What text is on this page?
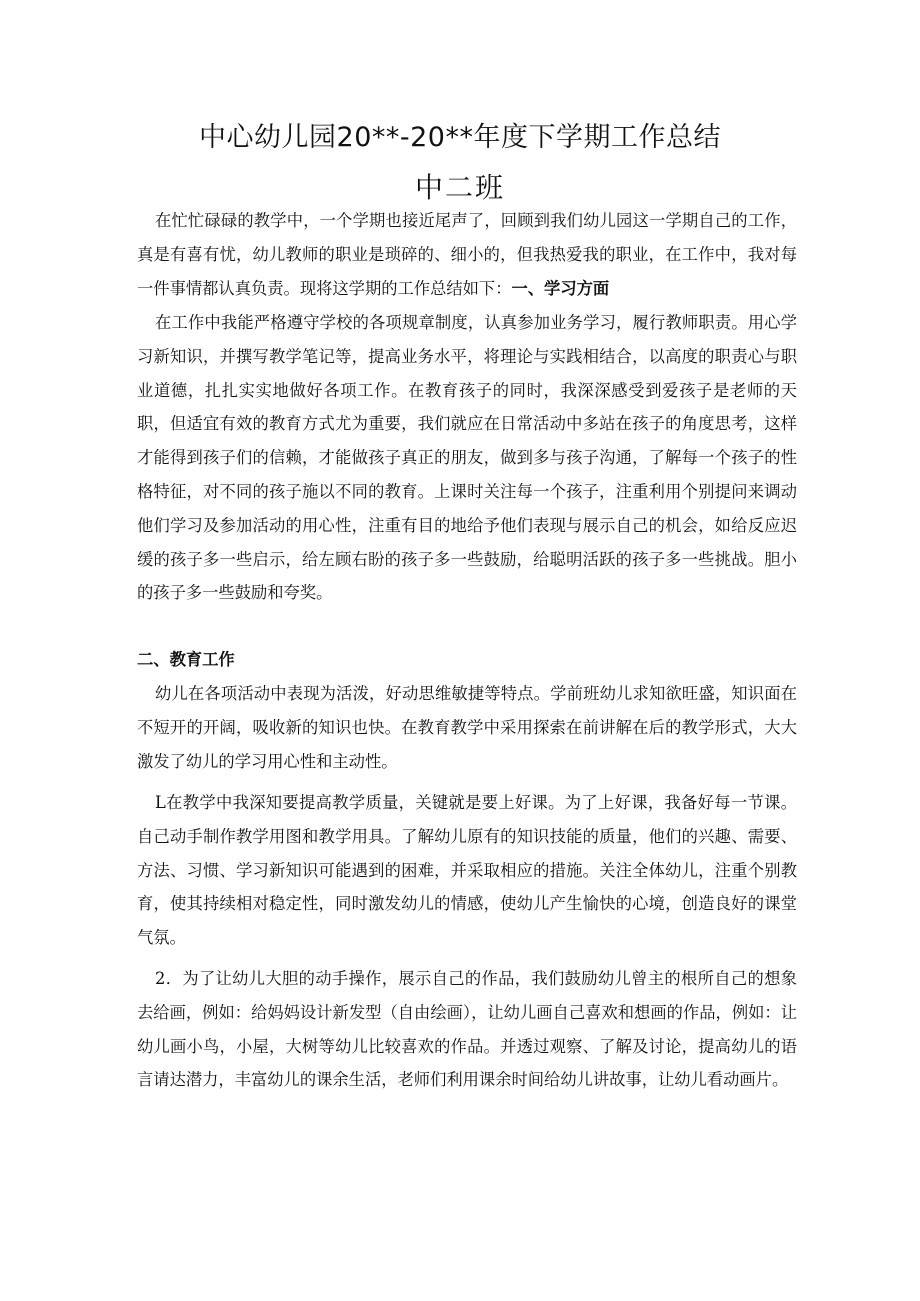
中心幼儿园20**-20**年度下学期工作总结
中二班

在忙忙碌碌的教学中，一个学期也接近尾声了，回顾到我们幼儿园这一学期自己的工作，真是有喜有忧，幼儿教师的职业是琐碎的、细小的，但我热爱我的职业，在工作中，我对每一件事情都认真负责。现将这学期的工作总结如下：一、学习方面

在工作中我能严格遵守学校的各项规章制度，认真参加业务学习，履行教师职责。用心学习新知识，并撰写教学笔记等，提高业务水平，将理论与实践相结合，以高度的职责心与职业道德，扎扎实实地做好各项工作。在教育孩子的同时，我深深感受到爱孩子是老师的天职，但适宜有效的教育方式尤为重要，我们就应在日常活动中多站在孩子的角度思考，这样才能得到孩子们的信赖，才能做孩子真正的朋友，做到多与孩子沟通，了解每一个孩子的性格特征，对不同的孩子施以不同的教育。上课时关注每一个孩子，注重利用个别提问来调动他们学习及参加活动的用心性，注重有目的地给予他们表现与展示自己的机会，如给反应迟缓的孩子多一些启示，给左顾右盼的孩子多一些鼓励，给聪明活跃的孩子多一些挑战。胆小的孩子多一些鼓励和夸奖。

二、教育工作

幼儿在各项活动中表现为活泼，好动思维敏捷等特点。学前班幼儿求知欲旺盛，知识面在不短开的开阔，吸收新的知识也快。在教育教学中采用探索在前讲解在后的教学形式，大大激发了幼儿的学习用心性和主动性。

L在教学中我深知要提高教学质量，关键就是要上好课。为了上好课，我备好每一节课。自己动手制作教学用图和教学用具。了解幼儿原有的知识技能的质量，他们的兴趣、需要、方法、习惯、学习新知识可能遇到的困难，并采取相应的措施。关注全体幼儿，注重个别教育，使其持续相对稳定性，同时激发幼儿的情感，使幼儿产生愉快的心境，创造良好的课堂气氛。

2．为了让幼儿大胆的动手操作，展示自己的作品，我们鼓励幼儿曾主的根所自己的想象去给画，例如：给妈妈设计新发型（自由绘画），让幼儿画自己喜欢和想画的作品，例如：让幼儿画小鸟，小屋，大树等幼儿比较喜欢的作品。并透过观察、了解及讨论，提高幼儿的语言请达潜力，丰富幼儿的课余生活，老师们利用课余时间给幼儿讲故事，让幼儿看动画片。
